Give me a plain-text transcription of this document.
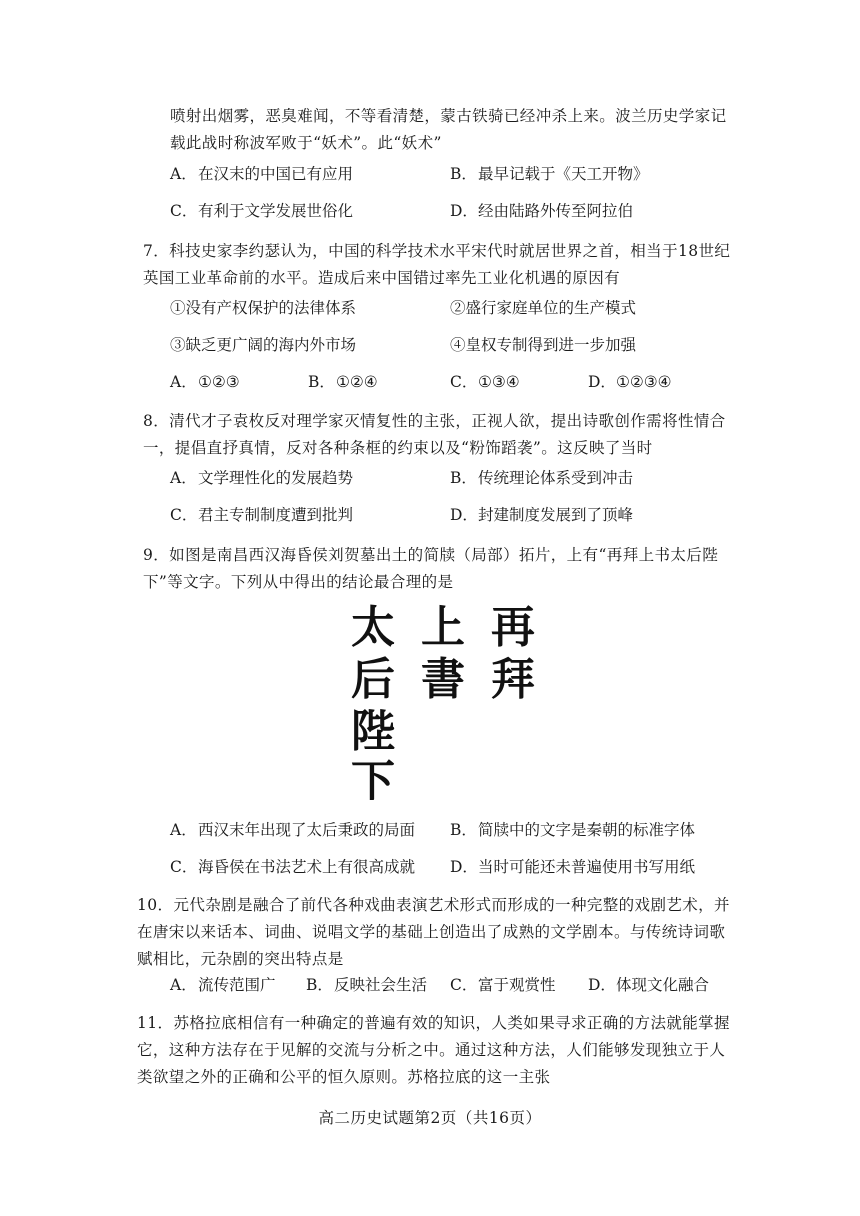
喷射出烟雾，恶臭难闻，不等看清楚，蒙古铁骑已经冲杀上来。波兰历史学家记载此战时称波军败于“妖术”。此“妖术”
A．在汉末的中国已有应用	B．最早记载于《天工开物》
C．有利于文学发展世俗化	D．经由陆路外传至阿拉伯
7．科技史家李约瑟认为，中国的科学技术水平宋代时就居世界之首，相当于18世纪英国工业革命前的水平。造成后来中国错过率先工业化机遇的原因有
①没有产权保护的法律体系	②盛行家庭单位的生产模式
③缺乏更广阔的海内外市场	④皇权专制得到进一步加强
A．①②③	B．①②④	C．①③④	D．①②③④
8．清代才子袁枚反对理学家灭情复性的主张，正视人欲，提出诗歌创作需将性情合一，提倡直抒真情，反对各种条框的约束以及“粉饰蹈袭”。这反映了当时
A．文学理性化的发展趋势	B．传统理论体系受到冲击
C．君主专制制度遭到批判	D．封建制度发展到了顶峰
9．如图是南昌西汉海昏侯刘贺墓出土的简牍（局部）拓片，上有“再拜上书太后陛下”等文字。下列从中得出的结论最合理的是
再
拜
上
書
太
后
陛
下
A．西汉末年出现了太后秉政的局面 B．简牍中的文字是秦朝的标准字体
C．海昏侯在书法艺术上有很高成就 D．当时可能还未普遍使用书写用纸
10．元代杂剧是融合了前代各种戏曲表演艺术形式而形成的一种完整的戏剧艺术，并在唐宋以来话本、词曲、说唱文学的基础上创造出了成熟的文学剧本。与传统诗词歌赋相比，元杂剧的突出特点是
A．流传范围广 B．反映社会生活 C．富于观赏性 D．体现文化融合
11．苏格拉底相信有一种确定的普遍有效的知识，人类如果寻求正确的方法就能掌握它，这种方法存在于见解的交流与分析之中。通过这种方法，人们能够发现独立于人类欲望之外的正确和公平的恒久原则。苏格拉底的这一主张
高二历史试题第2页（共16页）
